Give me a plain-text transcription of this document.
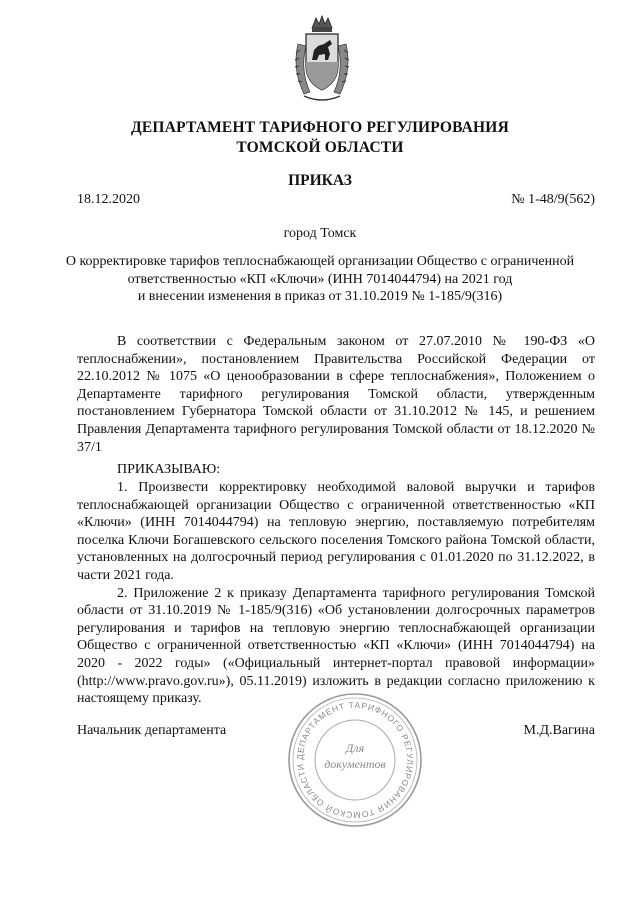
ДЕПАРТАМЕНТ ТАРИФНОГО РЕГУЛИРОВАНИЯ
ТОМСКОЙ ОБЛАСТИ
ПРИКАЗ
18.12.2020	№ 1-48/9(562)
город Томск
О корректировке тарифов теплоснабжающей организации Общество с ограниченной
ответственностью «КП «Ключи» (ИНН 7014044794) на 2021 год
и внесении изменения в приказ от 31.10.2019 № 1-185/9(316)

В соответствии с Федеральным законом от 27.07.2010 № 190-ФЗ «О теплоснабжении», постановлением Правительства Российской Федерации от 22.10.2012 № 1075 «О ценообразовании в сфере теплоснабжения», Положением о Департаменте тарифного регулирования Томской области, утвержденным постановлением Губернатора Томской области от 31.10.2012 № 145, и решением Правления Департамента тарифного регулирования Томской области от 18.12.2020 № 37/1

ПРИКАЗЫВАЮ:

1. Произвести корректировку необходимой валовой выручки и тарифов теплоснабжающей организации Общество с ограниченной ответственностью «КП «Ключи» (ИНН 7014044794) на тепловую энергию, поставляемую потребителям поселка Ключи Богашевского сельского поселения Томского района Томской области, установленных на долгосрочный период регулирования с 01.01.2020 по 31.12.2022, в части 2021 года.

2. Приложение 2 к приказу Департамента тарифного регулирования Томской области от 31.10.2019 № 1-185/9(316) «Об установлении долгосрочных параметров регулирования и тарифов на тепловую энергию теплоснабжающей организации Общество с ограниченной ответственностью «КП «Ключи» (ИНН 7014044794) на 2020 - 2022 годы» («Официальный интернет-портал правовой информации» (http://www.pravo.gov.ru»), 05.11.2019) изложить в редакции согласно приложению к настоящему приказу.

Начальник департамента	М.Д.Вагина
ДЕПАРТАМЕНТ ТАРИФНОГО РЕГУЛИРОВАНИЯ ТОМСКОЙ ОБЛАСТИ
Для
документов
